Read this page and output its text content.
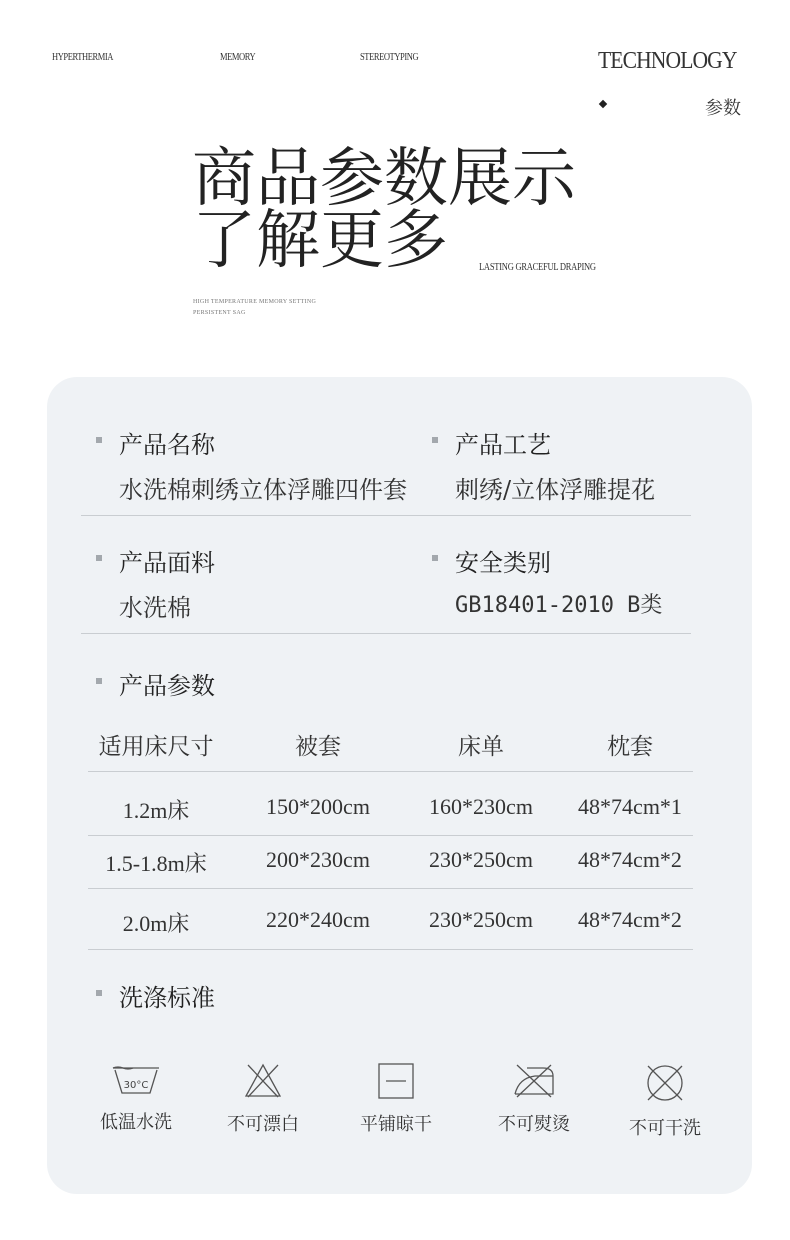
HYPERTHERMIA	MEMORY	STEREOTYPING	TECHNOLOGY
参数
商品参数展示
了解更多	LASTING GRACEFUL DRAPING
HIGH TEMPERATURE MEMORY SETTING
PERSISTENT SAG
产品名称
水洗棉刺绣立体浮雕四件套
产品工艺
刺绣/立体浮雕提花
产品面料
水洗棉
安全类别
GB18401-2010 B类
产品参数
适用床尺寸	被套	床单	枕套
1.2m床	150*200cm	160*230cm 48*74cm*1
1.5-1.8m床	200*230cm	230*250cm 48*74cm*2
2.0m床	220*240cm	230*250cm 48*74cm*2
洗涤标准
30°C
低温水洗	不可漂白	平铺晾干	不可熨烫	不可干洗
